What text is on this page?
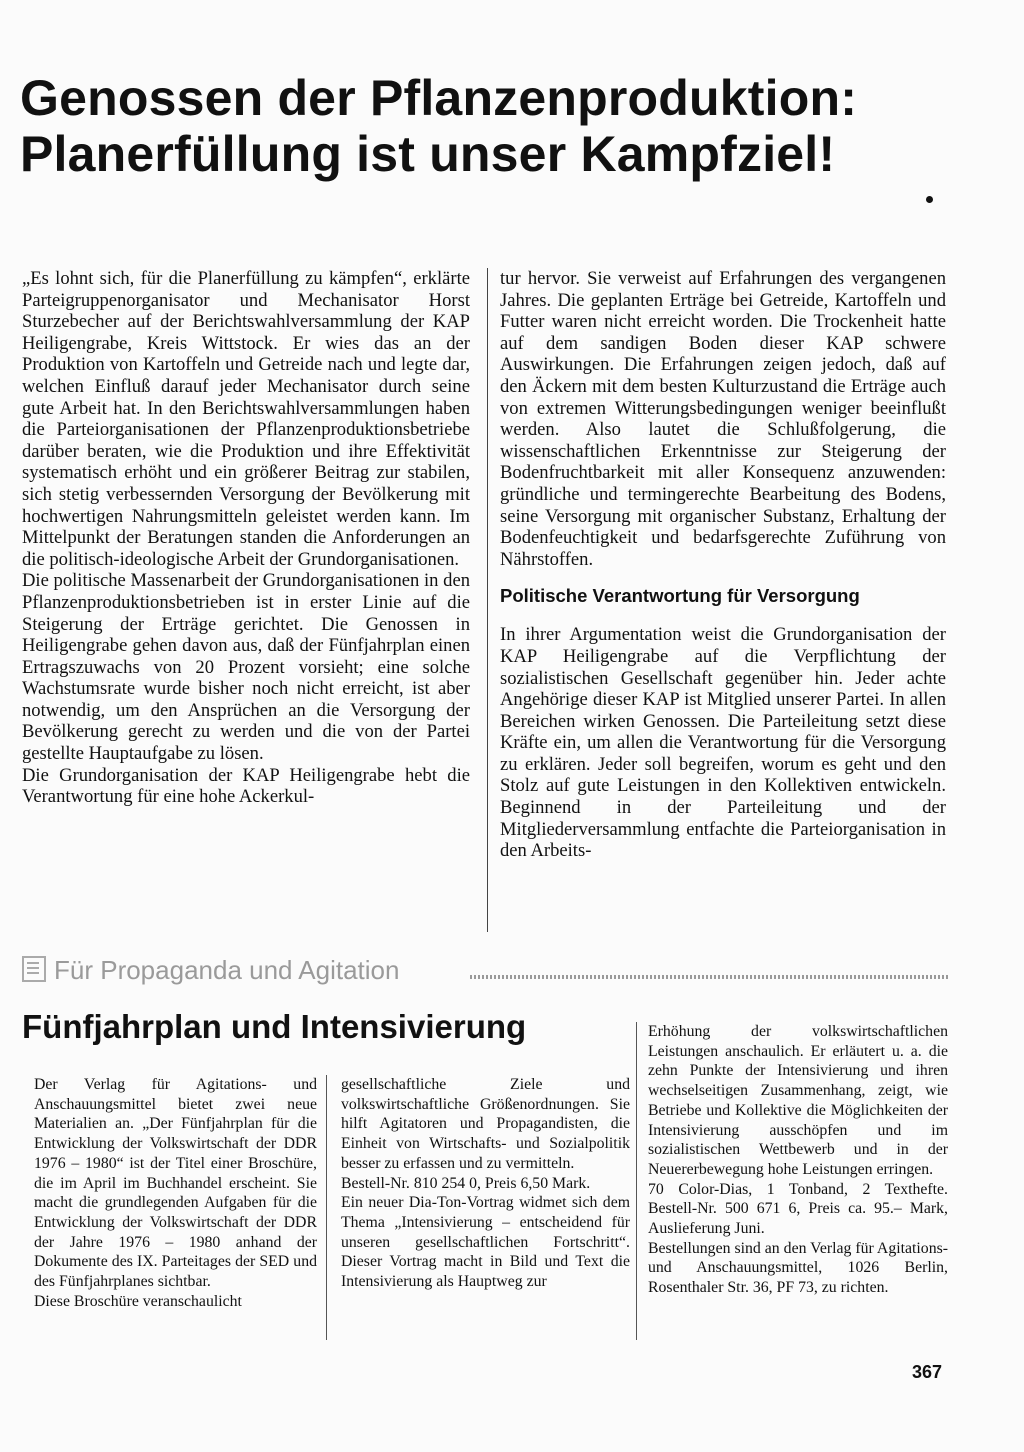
Genossen der Pflanzenproduktion:
Planerfüllung ist unser Kampfziel!

„Es lohnt sich, für die Planerfüllung zu kämpfen“, erklärte Parteigruppenorganisator und Mechanisator Horst Sturzebecher auf der Berichtswahlversammlung der KAP Heiligengrabe, Kreis Wittstock. Er wies das an der Produktion von Kartoffeln und Getreide nach und legte dar, welchen Einfluß darauf jeder Mechanisator durch seine gute Arbeit hat. In den Berichtswahlversammlungen haben die Parteiorganisationen der Pflanzenproduktionsbetriebe darüber beraten, wie die Produktion und ihre Effektivität systematisch erhöht und ein größerer Beitrag zur stabilen, sich stetig verbessernden Versorgung der Bevölkerung mit hochwertigen Nahrungsmitteln geleistet werden kann. Im Mittelpunkt der Beratungen standen die Anforderungen an die politisch-ideologische Arbeit der Grundorganisationen.

Die politische Massenarbeit der Grundorganisationen in den Pflanzenproduktionsbetrieben ist in erster Linie auf die Steigerung der Erträge gerichtet. Die Genossen in Heiligengrabe gehen davon aus, daß der Fünfjahrplan einen Ertragszuwachs von 20 Prozent vorsieht; eine solche Wachstumsrate wurde bisher noch nicht erreicht, ist aber notwendig, um den Ansprüchen an die Versorgung der Bevölkerung gerecht zu werden und die von der Partei gestellte Hauptaufgabe zu lösen.

Die Grundorganisation der KAP Heiligengrabe hebt die Verantwortung für eine hohe Ackerkul-

tur hervor. Sie verweist auf Erfahrungen des vergangenen Jahres. Die geplanten Erträge bei Getreide, Kartoffeln und Futter waren nicht erreicht worden. Die Trockenheit hatte auf dem sandigen Boden dieser KAP schwere Auswirkungen. Die Erfahrungen zeigen jedoch, daß auf den Äckern mit dem besten Kulturzustand die Erträge auch von extremen Witterungsbedingungen weniger beeinflußt werden. Also lautet die Schlußfolgerung, die wissenschaftlichen Erkenntnisse zur Steigerung der Bodenfruchtbarkeit mit aller Konsequenz anzuwenden: gründliche und termingerechte Bearbeitung des Bodens, seine Versorgung mit organischer Substanz, Erhaltung der Bodenfeuchtigkeit und bedarfsgerechte Zuführung von Nährstoffen.

Politische Verantwortung für Versorgung

In ihrer Argumentation weist die Grundorganisation der KAP Heiligengrabe auf die Verpflichtung der sozialistischen Gesellschaft gegenüber hin. Jeder achte Angehörige dieser KAP ist Mitglied unserer Partei. In allen Bereichen wirken Genossen. Die Parteileitung setzt diese Kräfte ein, um allen die Verantwortung für die Versorgung zu erklären. Jeder soll begreifen, worum es geht und den Stolz auf gute Leistungen in den Kollektiven entwickeln. Beginnend in der Parteileitung und der Mitgliederversammlung entfachte die Parteiorganisation in den Arbeits-

Für Propaganda und Agitation
Fünfjahrplan und Intensivierung

Der Verlag für Agitations- und Anschauungsmittel bietet zwei neue Materialien an. „Der Fünfjahrplan für die Entwicklung der Volkswirtschaft der DDR 1976 – 1980“ ist der Titel einer Broschüre, die im April im Buchhandel erscheint. Sie macht die grundlegenden Aufgaben für die Entwicklung der Volkswirtschaft der DDR der Jahre 1976 – 1980 anhand der Dokumente des IX. Parteitages der SED und des Fünfjahrplanes sichtbar.

Diese Broschüre veranschaulicht

gesellschaftliche Ziele und volkswirtschaftliche Größenordnungen. Sie hilft Agitatoren und Propagandisten, die Einheit von Wirtschafts- und Sozialpolitik besser zu erfassen und zu vermitteln.

Bestell-Nr. 810 254 0, Preis 6,50 Mark.

Ein neuer Dia-Ton-Vortrag widmet sich dem Thema „Intensivierung – entscheidend für unseren gesellschaftlichen Fortschritt“. Dieser Vortrag macht in Bild und Text die Intensivierung als Hauptweg zur

Erhöhung der volkswirtschaftlichen Leistungen anschaulich. Er erläutert u. a. die zehn Punkte der Intensivierung und ihren wechselseitigen Zusammenhang, zeigt, wie Betriebe und Kollektive die Möglichkeiten der Intensivierung ausschöpfen und im sozialistischen Wettbewerb und in der Neuererbewegung hohe Leistungen erringen.

70 Color-Dias, 1 Tonband, 2 Texthefte. Bestell-Nr. 500 671 6, Preis ca. 95.– Mark, Auslieferung Juni.

Bestellungen sind an den Verlag für Agitations- und Anschauungsmittel, 1026 Berlin, Rosenthaler Str. 36, PF 73, zu richten.

367
